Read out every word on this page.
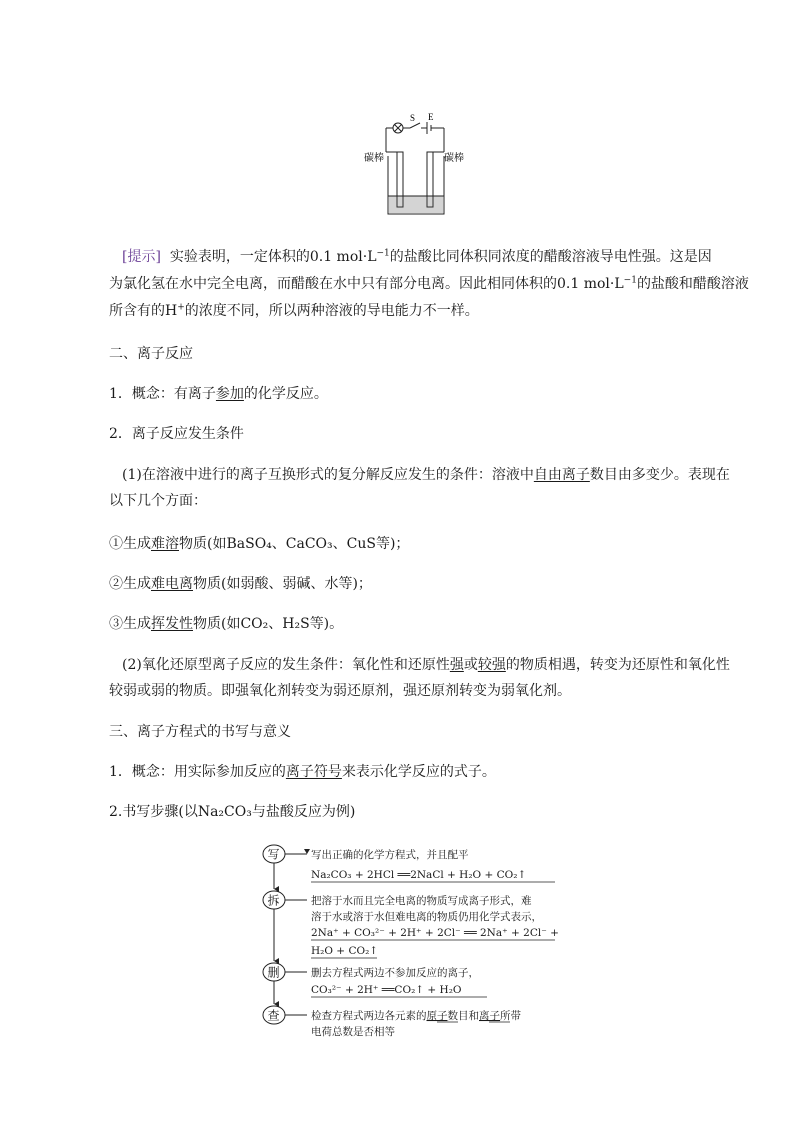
S E
碳棒	碳棒
[提示] 实验表明，一定体积的0.1 $mol\cdot L^{-1}$的盐酸比同体积同浓度的醋酸溶液导电性强。这是因
为氯化氢在水中完全电离，而醋酸在水中只有部分电离。因此相同体积的0.1 $mol\cdot L^{-1}$的盐酸和醋酸溶液
所含有的H+的浓度不同，所以两种溶液的导电能力不一样。
二、离子反应
1．概念：有离子参加的化学反应。
2．离子反应发生条件
(1)在溶液中进行的离子互换形式的复分解反应发生的条件：溶液中自由离子数目由多变少。表现在
以下几个方面：
①生成难溶物质(如BaSO₄、CaCO₃、CuS等)；
②生成难电离物质(如弱酸、弱碱、水等)；
③生成挥发性物质(如CO₂、H₂S等)。
(2)氧化还原型离子反应的发生条件：氧化性和还原性强或较强的物质相遇，转变为还原性和氧化性
较弱或弱的物质。即强氧化剂转变为弱还原剂，强还原剂转变为弱氧化剂。
三、离子方程式的书写与意义
1．概念：用实际参加反应的离子符号来表示化学反应的式子。
2.书写步骤(以Na₂CO₃与盐酸反应为例)
写
拆
删
查
写出正确的化学方程式，并且配平
Na₂CO₃ + 2HCl ══2NaCl + H₂O + CO₂↑
把溶于水而且完全电离的物质写成离子形式，难
溶于水或溶于水但难电离的物质仍用化学式表示，
2Na⁺ + CO₃²⁻ + 2H⁺ + 2Cl⁻ ══ 2Na⁺ + 2Cl⁻ +
H₂O + CO₂↑
删去方程式两边不参加反应的离子，
CO₃²⁻ + 2H⁺ ══CO₂↑ + H₂O
检查方程式两边各元素的原子数目和离子所带
电荷总数是否相等
